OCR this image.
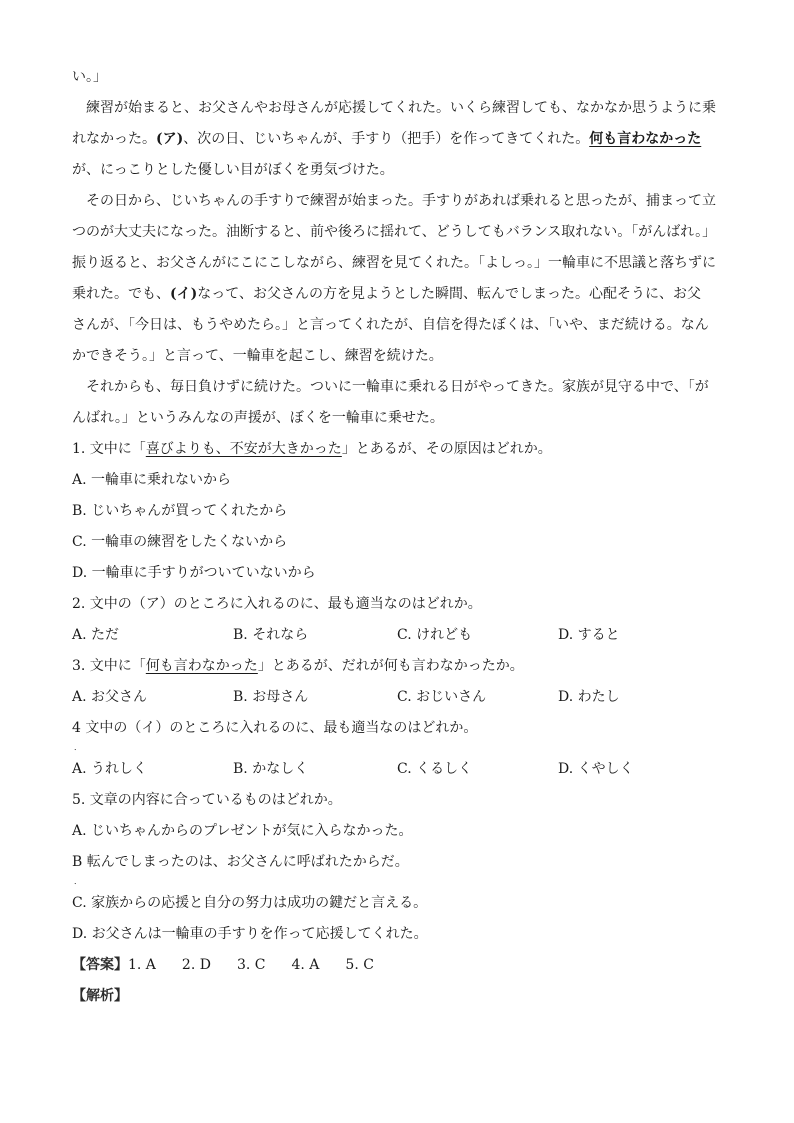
い。」
練習が始まると、お父さんやお母さんが応援してくれた。いくら練習しても、なかなか思うように乗
れなかった。(ア)、次の日、じいちゃんが、手すり（把手）を作ってきてくれた。何も言わなかった
が、にっこりとした優しい目がぼくを勇気づけた。
その日から、じいちゃんの手すりで練習が始まった。手すりがあれば乗れると思ったが、捕まって立
つのが大丈夫になった。油断すると、前や後ろに揺れて、どうしてもバランス取れない。「がんばれ。」
振り返ると、お父さんがにこにこしながら、練習を見てくれた。「よしっ。」一輪車に不思議と落ちずに
乗れた。でも、(イ)なって、お父さんの方を見ようとした瞬間、転んでしまった。心配そうに、お父
さんが、「今日は、もうやめたら。」と言ってくれたが、自信を得たぼくは、「いや、まだ続ける。なん
かできそう。」と言って、一輪車を起こし、練習を続けた。
それからも、毎日負けずに続けた。ついに一輪車に乗れる日がやってきた。家族が見守る中で、「が
んばれ。」というみんなの声援が、ぼくを一輪車に乗せた。
1. 文中に「喜びよりも、不安が大きかった」とあるが、その原因はどれか。
A. 一輪車に乗れないから
B. じいちゃんが買ってくれたから
C. 一輪車の練習をしたくないから
D. 一輪車に手すりがついていないから
2. 文中の（ア）のところに入れるのに、最も適当なのはどれか。
A. ただ	B. それなら	C. けれども	D. すると
3. 文中に「何も言わなかった」とあるが、だれが何も言わなかったか。
A. お父さん	B. お母さん	C. おじいさん	D. わたし
4 文中の（イ）のところに入れるのに、最も適当なのはどれか。
．
A. うれしく	B. かなしく	C. くるしく	D. くやしく
5. 文章の内容に合っているものはどれか。
A. じいちゃんからのプレゼントが気に入らなかった。
B 転んでしまったのは、お父さんに呼ばれたからだ。
．
C. 家族からの応援と自分の努力は成功の鍵だと言える。
D. お父さんは一輪車の手すりを作って応援してくれた。
【答案】1. A 2. D 3. C 4. A 5. C
【解析】
